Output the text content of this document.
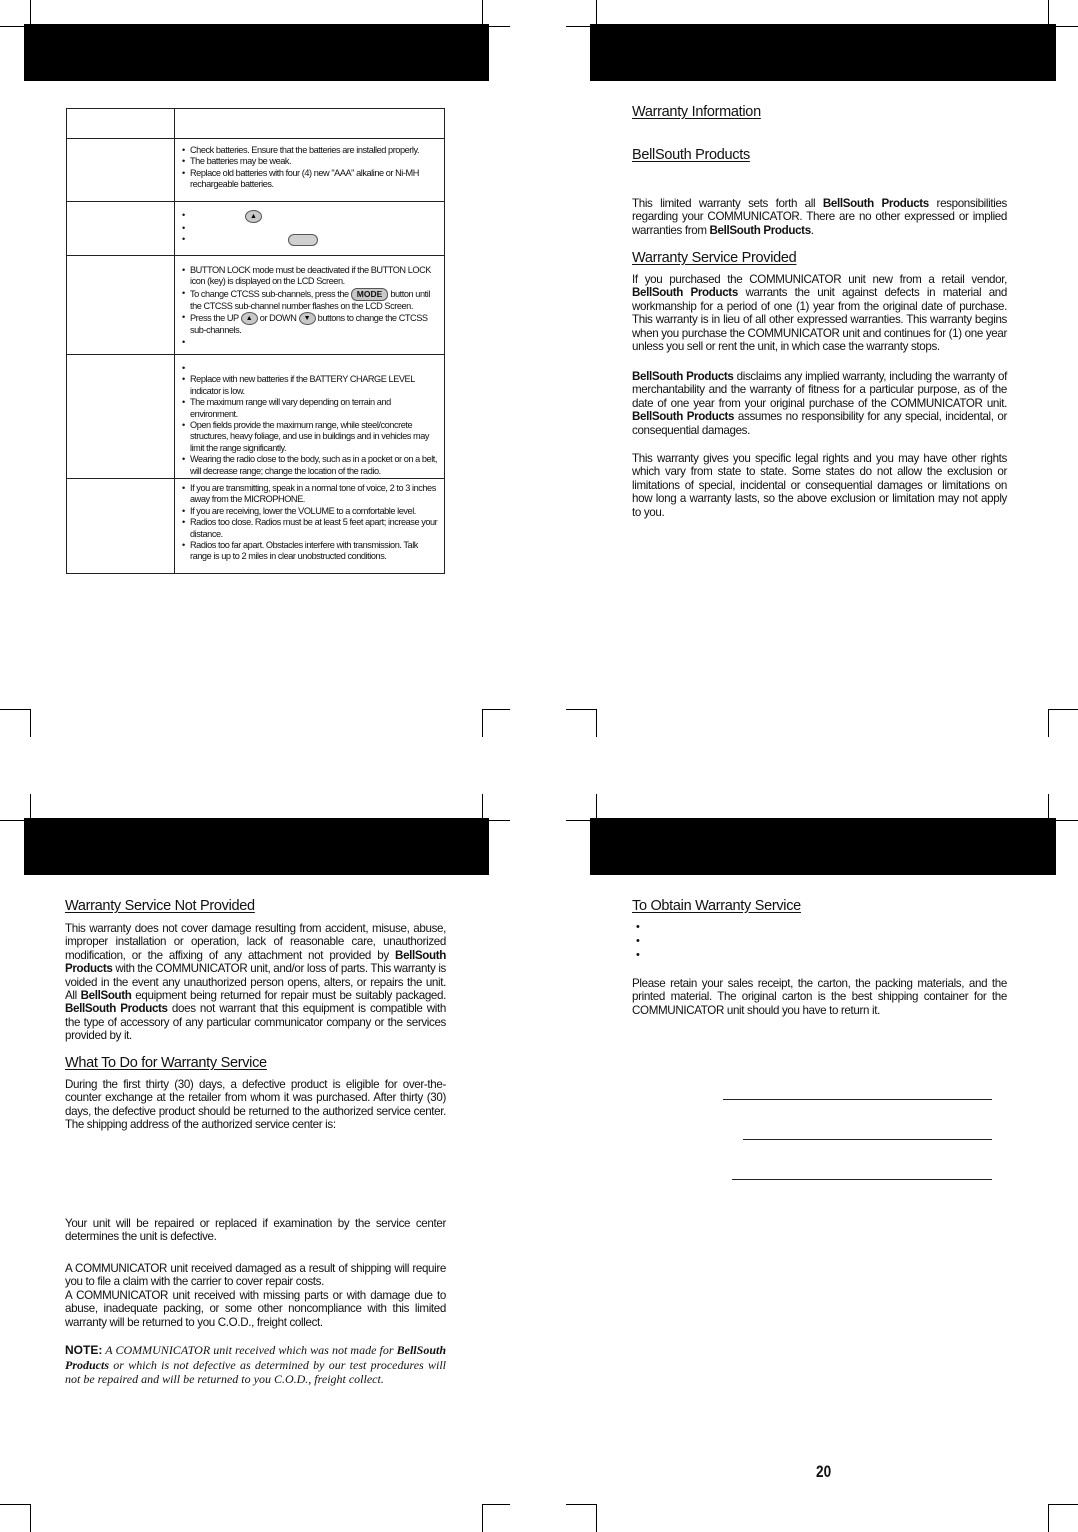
• Check batteries. Ensure that the batteries are installed properly.
• The batteries may be weak.
• Replace old batteries with four (4) new "AAA" alkaline or Ni-MH rechargeable batteries.
• ▲
•
•
• BUTTON LOCK mode must be deactivated if the BUTTON LOCK icon (key) is displayed on the LCD Screen.
• To change CTCSS sub-channels, press the MODE button until the CTCSS sub-channel number flashes on the LCD Screen.
• Press the UP ▲ or DOWN ▼ buttons to change the CTCSS sub-channels.
•
•
• Replace with new batteries if the BATTERY CHARGE LEVEL indicator is low.
• The maximum range will vary depending on terrain and environment.
• Open fields provide the maximum range, while steel/concrete structures, heavy foliage, and use in buildings and in vehicles may limit the range significantly.
• Wearing the radio close to the body, such as in a pocket or on a belt, will decrease range; change the location of the radio.
• If you are transmitting, speak in a normal tone of voice, 2 to 3 inches away from the MICROPHONE.
• If you are receiving, lower the VOLUME to a comfortable level.
• Radios too close. Radios must be at least 5 feet apart; increase your distance.
• Radios too far apart. Obstacles interfere with transmission. Talk range is up to 2 miles in clear unobstructed conditions.
Warranty Information
BellSouth Products

This limited warranty sets forth all BellSouth Products responsibilities regarding your COMMUNICATOR. There are no other expressed or implied warranties from BellSouth Products.

Warranty Service Provided

If you purchased the COMMUNICATOR unit new from a retail vendor, BellSouth Products warrants the unit against defects in material and workmanship for a period of one (1) year from the original date of purchase. This warranty is in lieu of all other expressed warranties. This warranty begins when you purchase the COMMUNICATOR unit and continues for (1) one year unless you sell or rent the unit, in which case the warranty stops.

BellSouth Products disclaims any implied warranty, including the warranty of merchantability and the warranty of fitness for a particular purpose, as of the date of one year from your original purchase of the COMMUNICATOR unit. BellSouth Products assumes no responsibility for any special, incidental, or consequential damages.

This warranty gives you specific legal rights and you may have other rights which vary from state to state. Some states do not allow the exclusion or limitations of special, incidental or consequential damages or limitations on how long a warranty lasts, so the above exclusion or limitation may not apply to you.

Warranty Service Not Provided

This warranty does not cover damage resulting from accident, misuse, abuse, improper installation or operation, lack of reasonable care, unauthorized modification, or the affixing of any attachment not provided by BellSouth Products with the COMMUNICATOR unit, and/or loss of parts. This warranty is voided in the event any unauthorized person opens, alters, or repairs the unit. All BellSouth equipment being returned for repair must be suitably packaged. BellSouth Products does not warrant that this equipment is compatible with the type of accessory of any particular communicator company or the services provided by it.

What To Do for Warranty Service

During the first thirty (30) days, a defective product is eligible for over-the-counter exchange at the retailer from whom it was purchased. After thirty (30) days, the defective product should be returned to the authorized service center. The shipping address of the authorized service center is:

Your unit will be repaired or replaced if examination by the service center determines the unit is defective.

A COMMUNICATOR unit received damaged as a result of shipping will require you to file a claim with the carrier to cover repair costs.

A COMMUNICATOR unit received with missing parts or with damage due to abuse, inadequate packing, or some other noncompliance with this limited warranty will be returned to you C.O.D., freight collect.

NOTE: A COMMUNICATOR unit received which was not made for BellSouth Products or which is not defective as determined by our test procedures will not be repaired and will be returned to you C.O.D., freight collect.

To Obtain Warranty Service
•
•
•

Please retain your sales receipt, the carton, the packing materials, and the printed material. The original carton is the best shipping container for the COMMUNICATOR unit should you have to return it.

20
